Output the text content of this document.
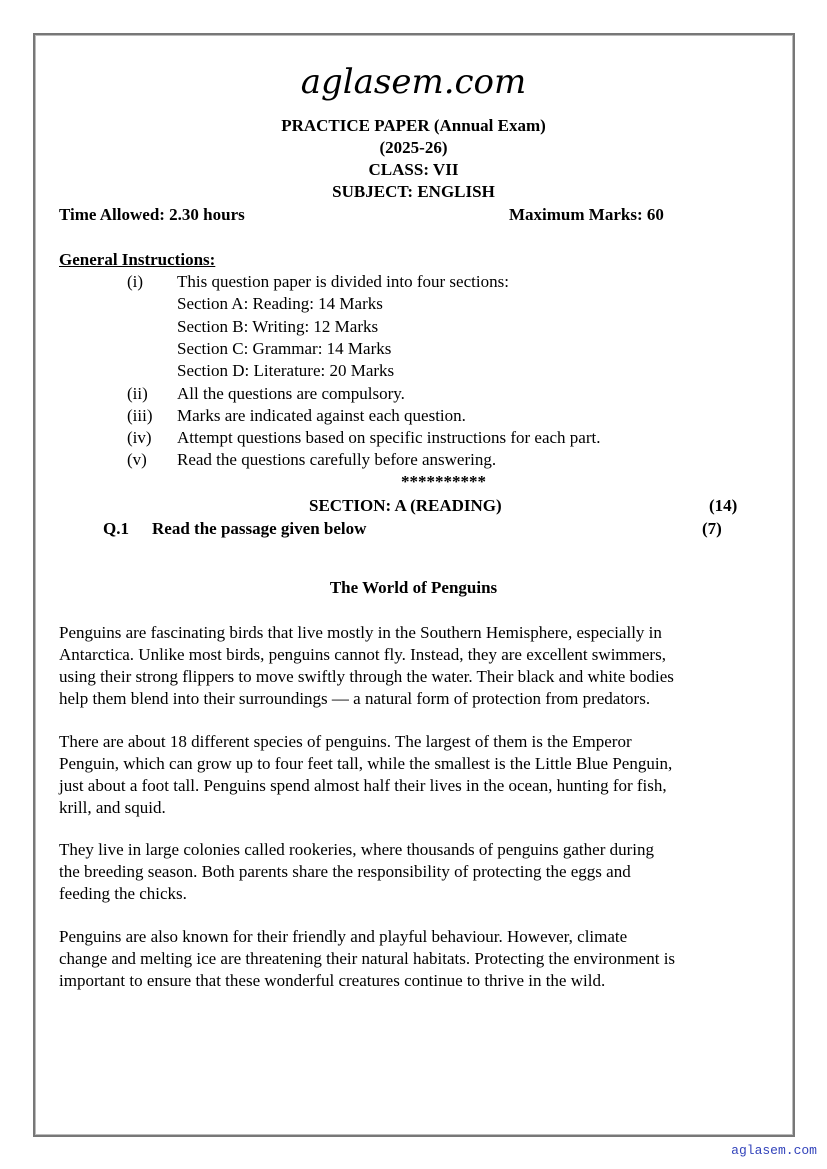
aglasem.com
PRACTICE PAPER (Annual Exam)
(2025-26)
CLASS: VII
SUBJECT: ENGLISH
Time Allowed: 2.30 hours	Maximum Marks: 60
General Instructions:
(i) This question paper is divided into four sections:
Section A: Reading: 14 Marks
Section B: Writing: 12 Marks
Section C: Grammar: 14 Marks
Section D: Literature: 20 Marks
(ii) All the questions are compulsory.
(iii) Marks are indicated against each question.
(iv) Attempt questions based on specific instructions for each part.
(v) Read the questions carefully before answering.
**********
SECTION: A (READING)	(14)
Q.1 Read the passage given below	(7)
The World of Penguins
Penguins are fascinating birds that live mostly in the Southern Hemisphere, especially in
Antarctica. Unlike most birds, penguins cannot fly. Instead, they are excellent swimmers,
using their strong flippers to move swiftly through the water. Their black and white bodies
help them blend into their surroundings — a natural form of protection from predators.
There are about 18 different species of penguins. The largest of them is the Emperor
Penguin, which can grow up to four feet tall, while the smallest is the Little Blue Penguin,
just about a foot tall. Penguins spend almost half their lives in the ocean, hunting for fish,
krill, and squid.
They live in large colonies called rookeries, where thousands of penguins gather during
the breeding season. Both parents share the responsibility of protecting the eggs and
feeding the chicks.
Penguins are also known for their friendly and playful behaviour. However, climate
change and melting ice are threatening their natural habitats. Protecting the environment is
important to ensure that these wonderful creatures continue to thrive in the wild.
aglasem.com
